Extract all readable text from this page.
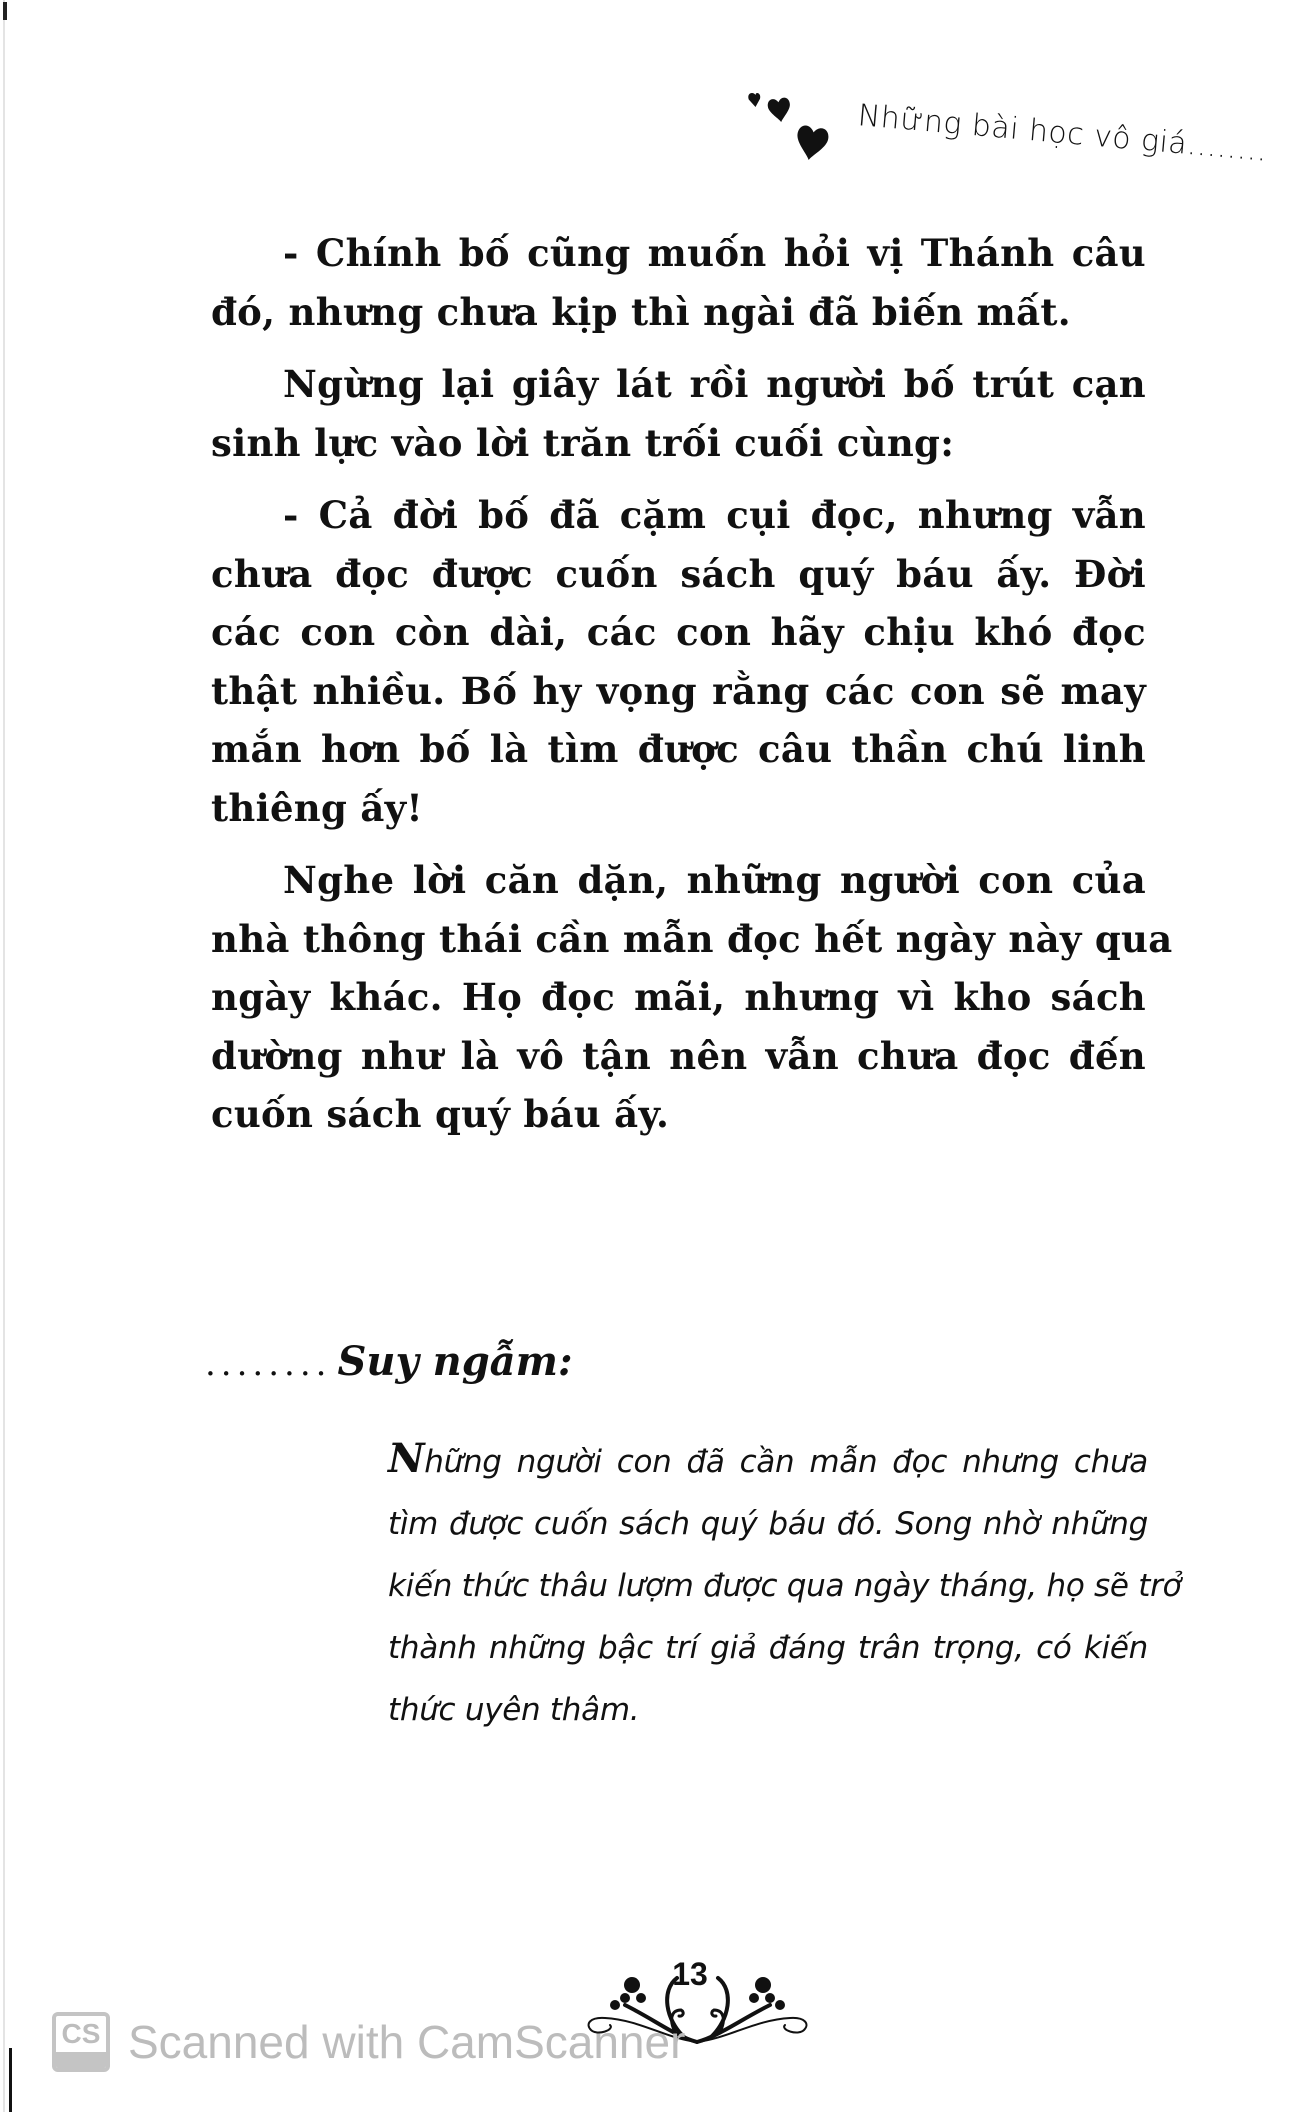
Những bài học vô giá........

- Chính bố cũng muốn hỏi vị Thánh câu
đó, nhưng chưa kịp thì ngài đã biến mất.

Ngừng lại giây lát rồi người bố trút cạn
sinh lực vào lời trăn trối cuối cùng:

- Cả đời bố đã cặm cụi đọc, nhưng vẫn
chưa đọc được cuốn sách quý báu ấy. Đời
các con còn dài, các con hãy chịu khó đọc
thật nhiều. Bố hy vọng rằng các con sẽ may
mắn hơn bố là tìm được câu thần chú linh
thiêng ấy!

Nghe lời căn dặn, những người con của
nhà thông thái cần mẫn đọc hết ngày này qua
ngày khác. Họ đọc mãi, nhưng vì kho sách
dường như là vô tận nên vẫn chưa đọc đến
cuốn sách quý báu ấy.

........ Suy ngẫm:
Những người con đã cần mẫn đọc nhưng chưa
tìm được cuốn sách quý báu đó. Song nhờ những
kiến thức thâu lượm được qua ngày tháng, họ sẽ trở
thành những bậc trí giả đáng trân trọng, có kiến
thức uyên thâm.
13
CS Scanned with CamScanner
